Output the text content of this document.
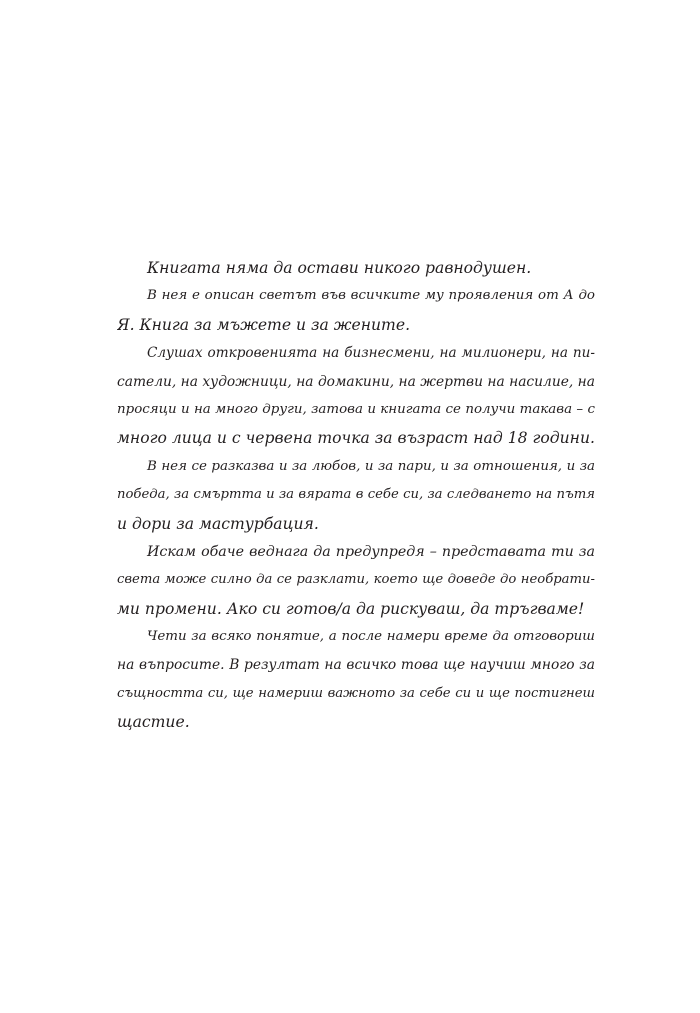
Книгата няма да остави никого равнодушен.
В нея е описан светът във всичките му проявления от А до
Я. Книга за мъжете и за жените.
Слушах откровенията на бизнесмени, на милионери, на пи-
сатели, на художници, на домакини, на жертви на насилие, на
просяци и на много други, затова и книгата се получи такава – с
много лица и с червена точка за възраст над 18 години.
В нея се разказва и за любов, и за пари, и за отношения, и за
победа, за смъртта и за вярата в себе си, за следването на пътя
и дори за мастурбация.
Искам обаче веднага да предупредя – представата ти за
света може силно да се разклати, което ще доведе до необрати-
ми промени. Ако си готов/а да рискуваш, да тръгваме!
Чети за всяко понятие, а после намери време да отговориш
на въпросите. В резултат на всичко това ще научиш много за
същността си, ще намериш важното за себе си и ще постигнеш
щастие.
